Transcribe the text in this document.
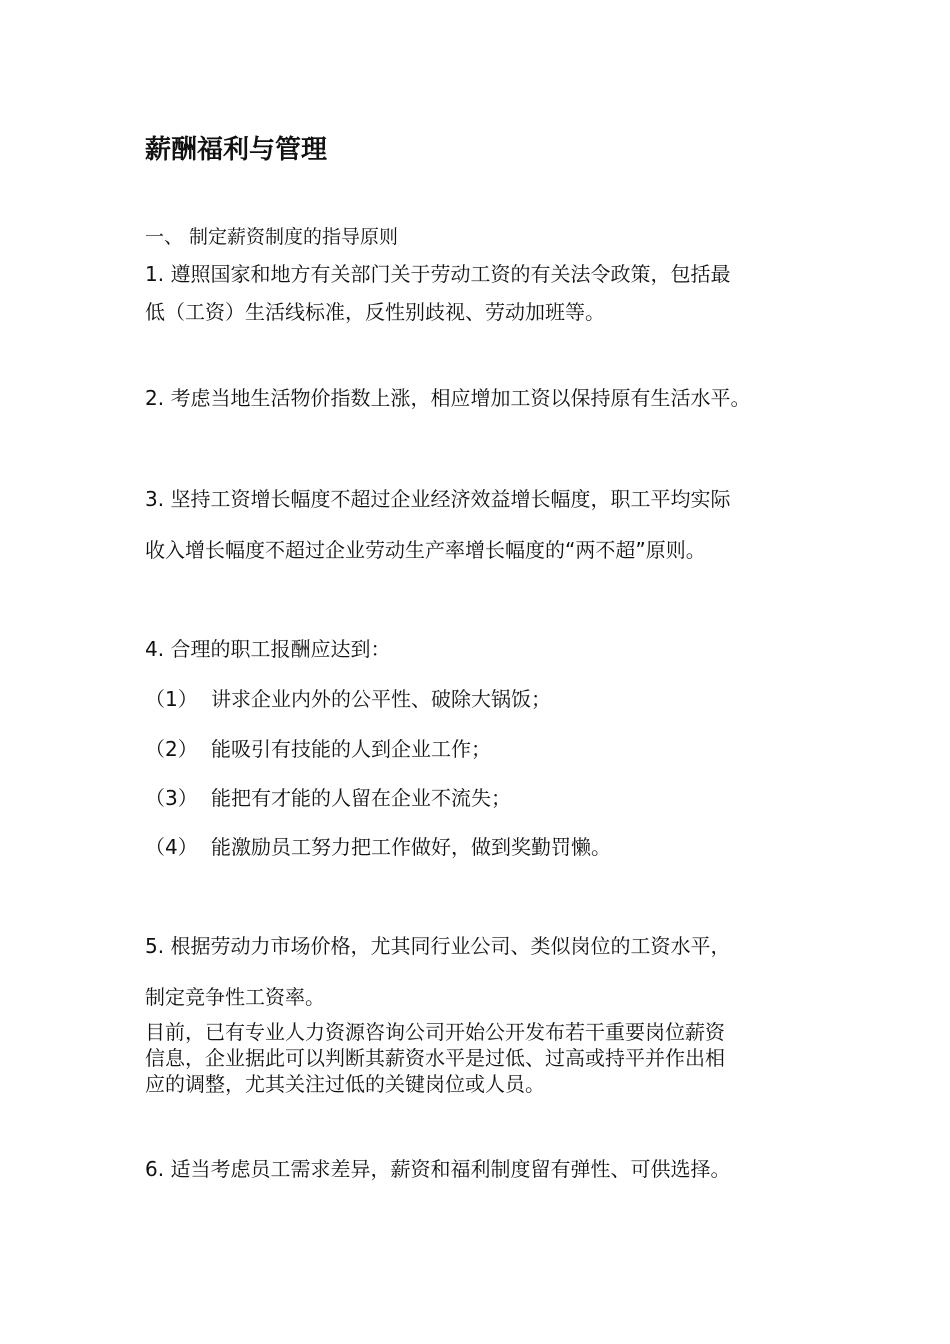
薪酬福利与管理

一、 制定薪资制度的指导原则

1. 遵照国家和地方有关部门关于劳动工资的有关法令政策，包括最

低（工资）生活线标准，反性别歧视、劳动加班等。

2. 考虑当地生活物价指数上涨，相应增加工资以保持原有生活水平。

3. 坚持工资增长幅度不超过企业经济效益增长幅度，职工平均实际

收入增长幅度不超过企业劳动生产率增长幅度的“两不超”原则。

4. 合理的职工报酬应达到：

（1） 讲求企业内外的公平性、破除大锅饭；

（2） 能吸引有技能的人到企业工作；

（3） 能把有才能的人留在企业不流失；

（4） 能激励员工努力把工作做好，做到奖勤罚懒。

5. 根据劳动力市场价格，尤其同行业公司、类似岗位的工资水平，

制定竞争性工资率。

目前，已有专业人力资源咨询公司开始公开发布若干重要岗位薪资

信息，企业据此可以判断其薪资水平是过低、过高或持平并作出相

应的调整，尤其关注过低的关键岗位或人员。

6. 适当考虑员工需求差异，薪资和福利制度留有弹性、可供选择。
